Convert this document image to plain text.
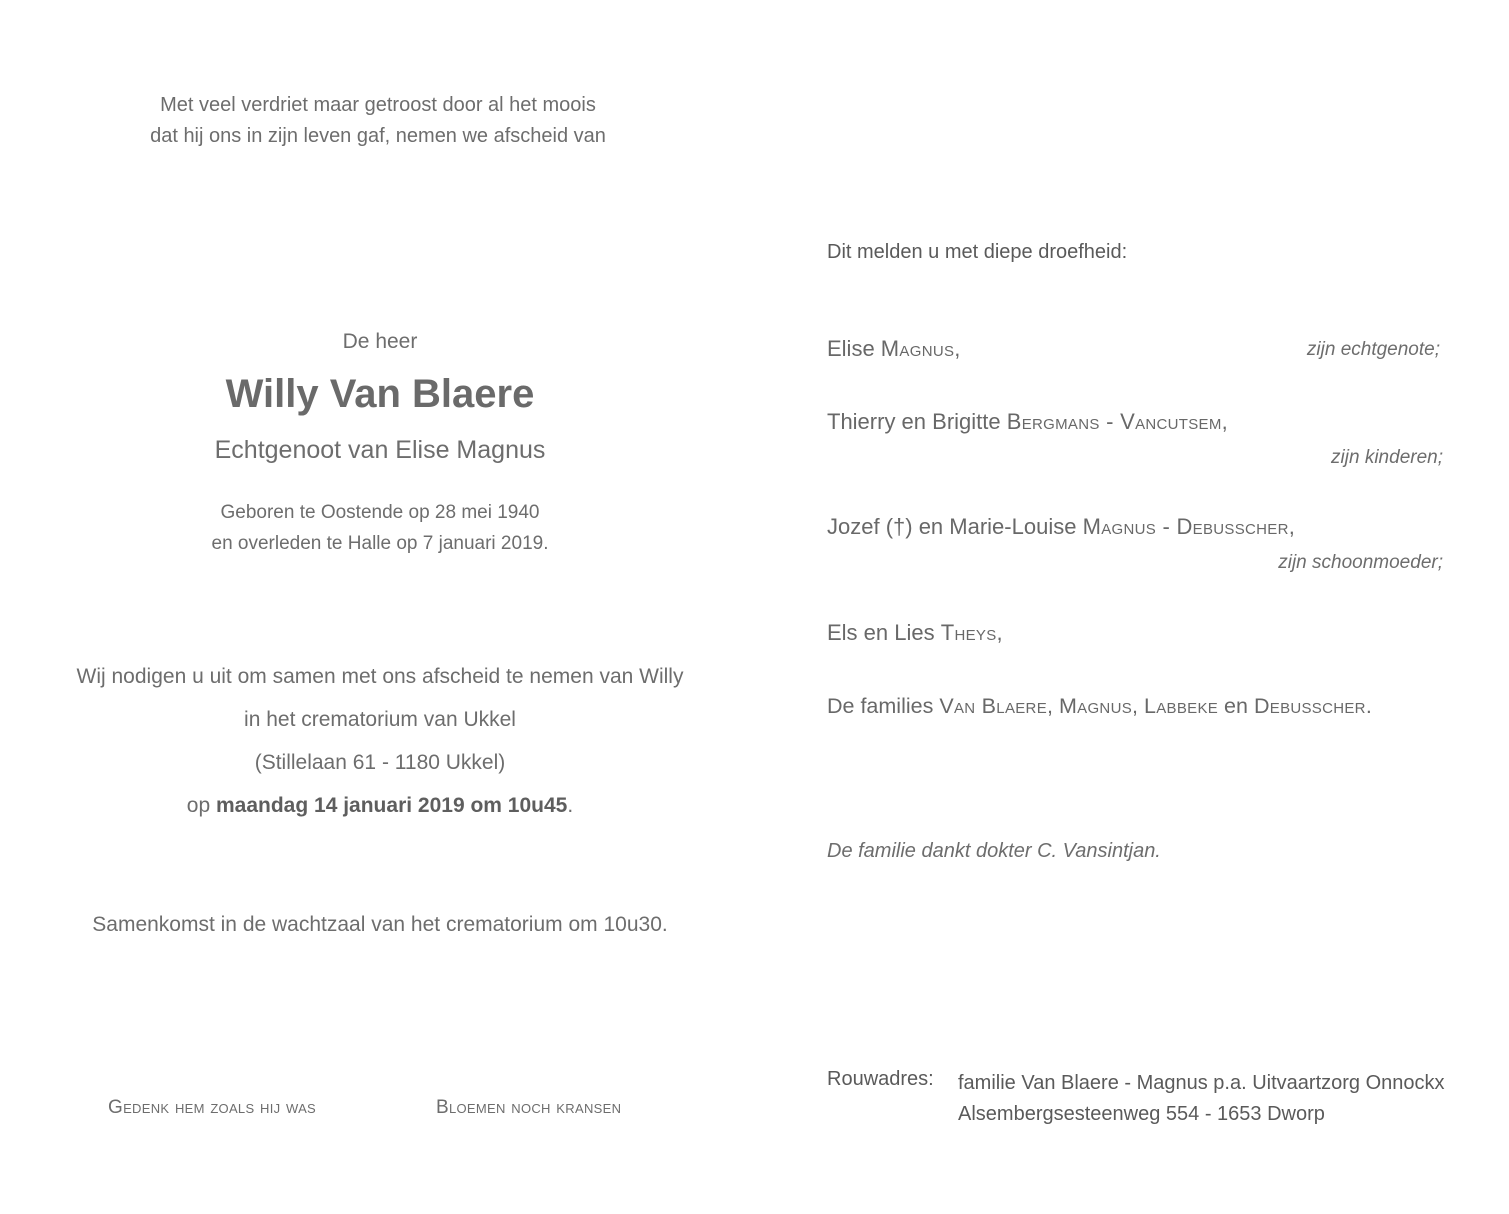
Met veel verdriet maar getroost door al het moois
dat hij ons in zijn leven gaf, nemen we afscheid van
De heer
Willy Van Blaere
Echtgenoot van Elise Magnus
Geboren te Oostende op 28 mei 1940
en overleden te Halle op 7 januari 2019.
Wij nodigen u uit om samen met ons afscheid te nemen van Willy
in het crematorium van Ukkel
(Stillelaan 61 - 1180 Ukkel)
op maandag 14 januari 2019 om 10u45.
Samenkomst in de wachtzaal van het crematorium om 10u30.
Gedenk hem zoals hij was	Bloemen noch kransen
Dit melden u met diepe droefheid:
Elise Magnus,	zijn echtgenote;
Thierry en Brigitte Bergmans - Vancutsem,
zijn kinderen;
Jozef (†) en Marie-Louise Magnus - Debusscher,
zijn schoonmoeder;
Els en Lies Theys,
De families Van Blaere, Magnus, Labbeke en Debusscher.
De familie dankt dokter C. Vansintjan.
Rouwadres: familie Van Blaere - Magnus p.a. Uitvaartzorg Onnockx
Alsembergsesteenweg 554 - 1653 Dworp
